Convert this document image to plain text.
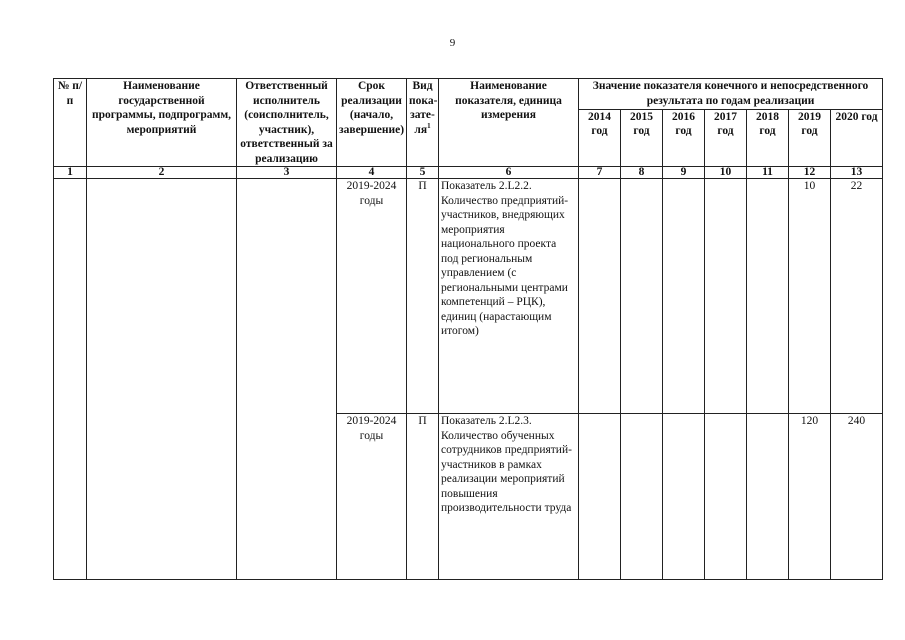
9
№ п/п	Наименование государственной программы, подпрограмм, мероприятий	Ответственный исполнитель (соисполнитель, участник), ответственный за реализацию	Срок реализации (начало, завершение)	Вид пока-$зате-ля^1$	Наименование показателя, единица измерения	Значение показателя конечного и непосредственного результата по годам реализации						
						2014 год	2015 год	2016 год	2017 год	2018 год	2019 год	2020 год
1	2	3	4	5	6	7	8	9	10	11	12	13
			2019-2024 годы	П	Показатель 2.L2.2. Количество предприятий-участников, внедряющих мероприятия национального проекта под региональным управлением (с региональными центрами компетенций – РЦК), единиц (нарастающим итогом)						10	22
			2019-2024 годы	П	Показатель 2.L2.3. Количество обученных сотрудников предприятий-участников в рамках реализации мероприятий повышения производительности труда						120	240
